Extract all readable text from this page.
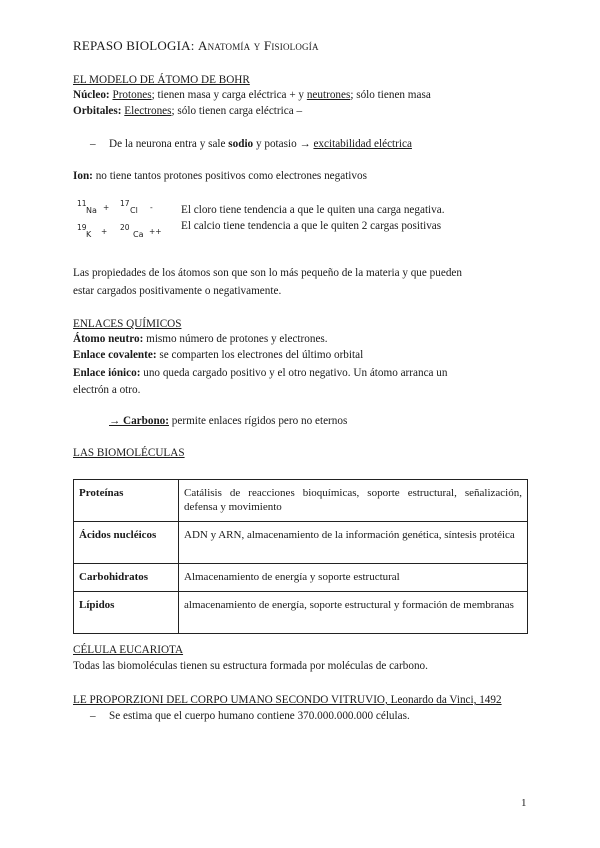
REPASO BIOLOGIA: Anatomía y Fisiología
EL MODELO DE ÁTOMO DE BOHR
Núcleo: Protones; tienen masa y carga eléctrica + y neutrones; sólo tienen masa
Orbitales: Electrones; sólo tienen carga eléctrica –
– De la neurona entra y sale sodio y potasio → excitabilidad eléctrica
Ion: no tiene tantos protones positivos como electrones negativos
11
Na + 17
Cl -
19
K + 20
Ca ++
El cloro tiene tendencia a que le quiten una carga negativa.
El calcio tiene tendencia a que le quiten 2 cargas positivas
Las propiedades de los átomos son que son lo más pequeño de la materia y que pueden
estar cargados positivamente o negativamente.
ENLACES QUÍMICOS
Átomo neutro: mismo número de protones y electrones.
Enlace covalente: se comparten los electrones del último orbital
Enlace iónico: uno queda cargado positivo y el otro negativo. Un átomo arranca un
electrón a otro.
→ Carbono: permite enlaces rígidos pero no eternos
LAS BIOMOLÉCULAS
Proteínas	Catálisis de reacciones bioquímicas, soporte estructural, señalización, defensa y movimiento
Ácidos nucléicos	ADN y ARN, almacenamiento de la información genética, síntesis protéica
Carbohidratos	Almacenamiento de energía y soporte estructural
Lípidos	almacenamiento de energía, soporte estructural y formación de membranas
CÉLULA EUCARIOTA
Todas las biomoléculas tienen su estructura formada por moléculas de carbono.
LE PROPORZIONI DEL CORPO UMANO SECONDO VITRUVIO, Leonardo da Vinci, 1492
– Se estima que el cuerpo humano contiene 370.000.000.000 células.
1
